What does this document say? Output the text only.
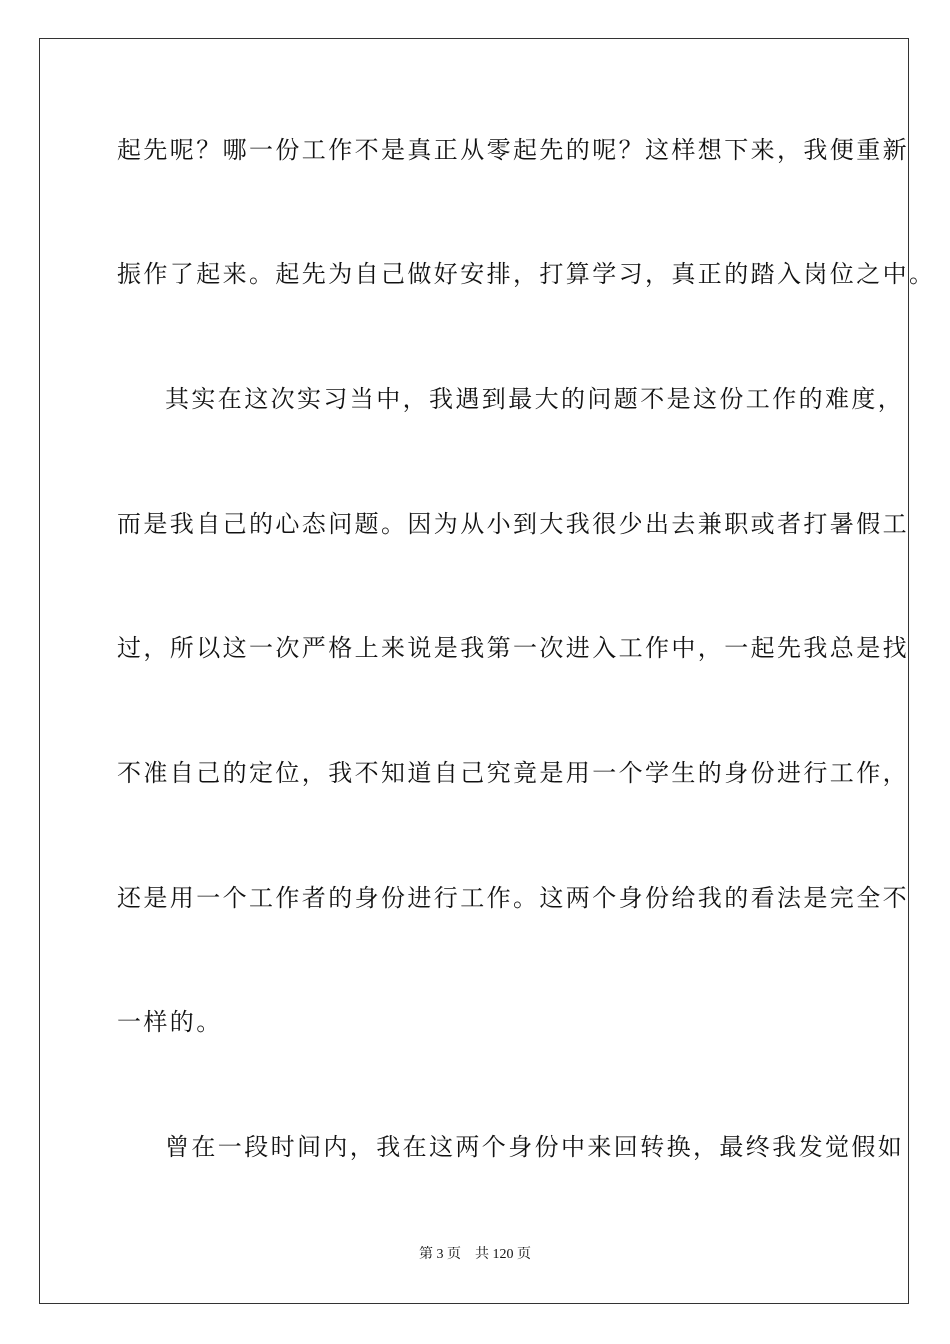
起先呢？哪一份工作不是真正从零起先的呢？这样想下来，我便重新
振作了起来。起先为自己做好安排，打算学习，真正的踏入岗位之中。
其实在这次实习当中，我遇到最大的问题不是这份工作的难度，
而是我自己的心态问题。因为从小到大我很少出去兼职或者打暑假工
过，所以这一次严格上来说是我第一次进入工作中，一起先我总是找
不准自己的定位，我不知道自己究竟是用一个学生的身份进行工作，
还是用一个工作者的身份进行工作。这两个身份给我的看法是完全不
一样的。
曾在一段时间内，我在这两个身份中来回转换，最终我发觉假如
第 3 页 共 120 页
